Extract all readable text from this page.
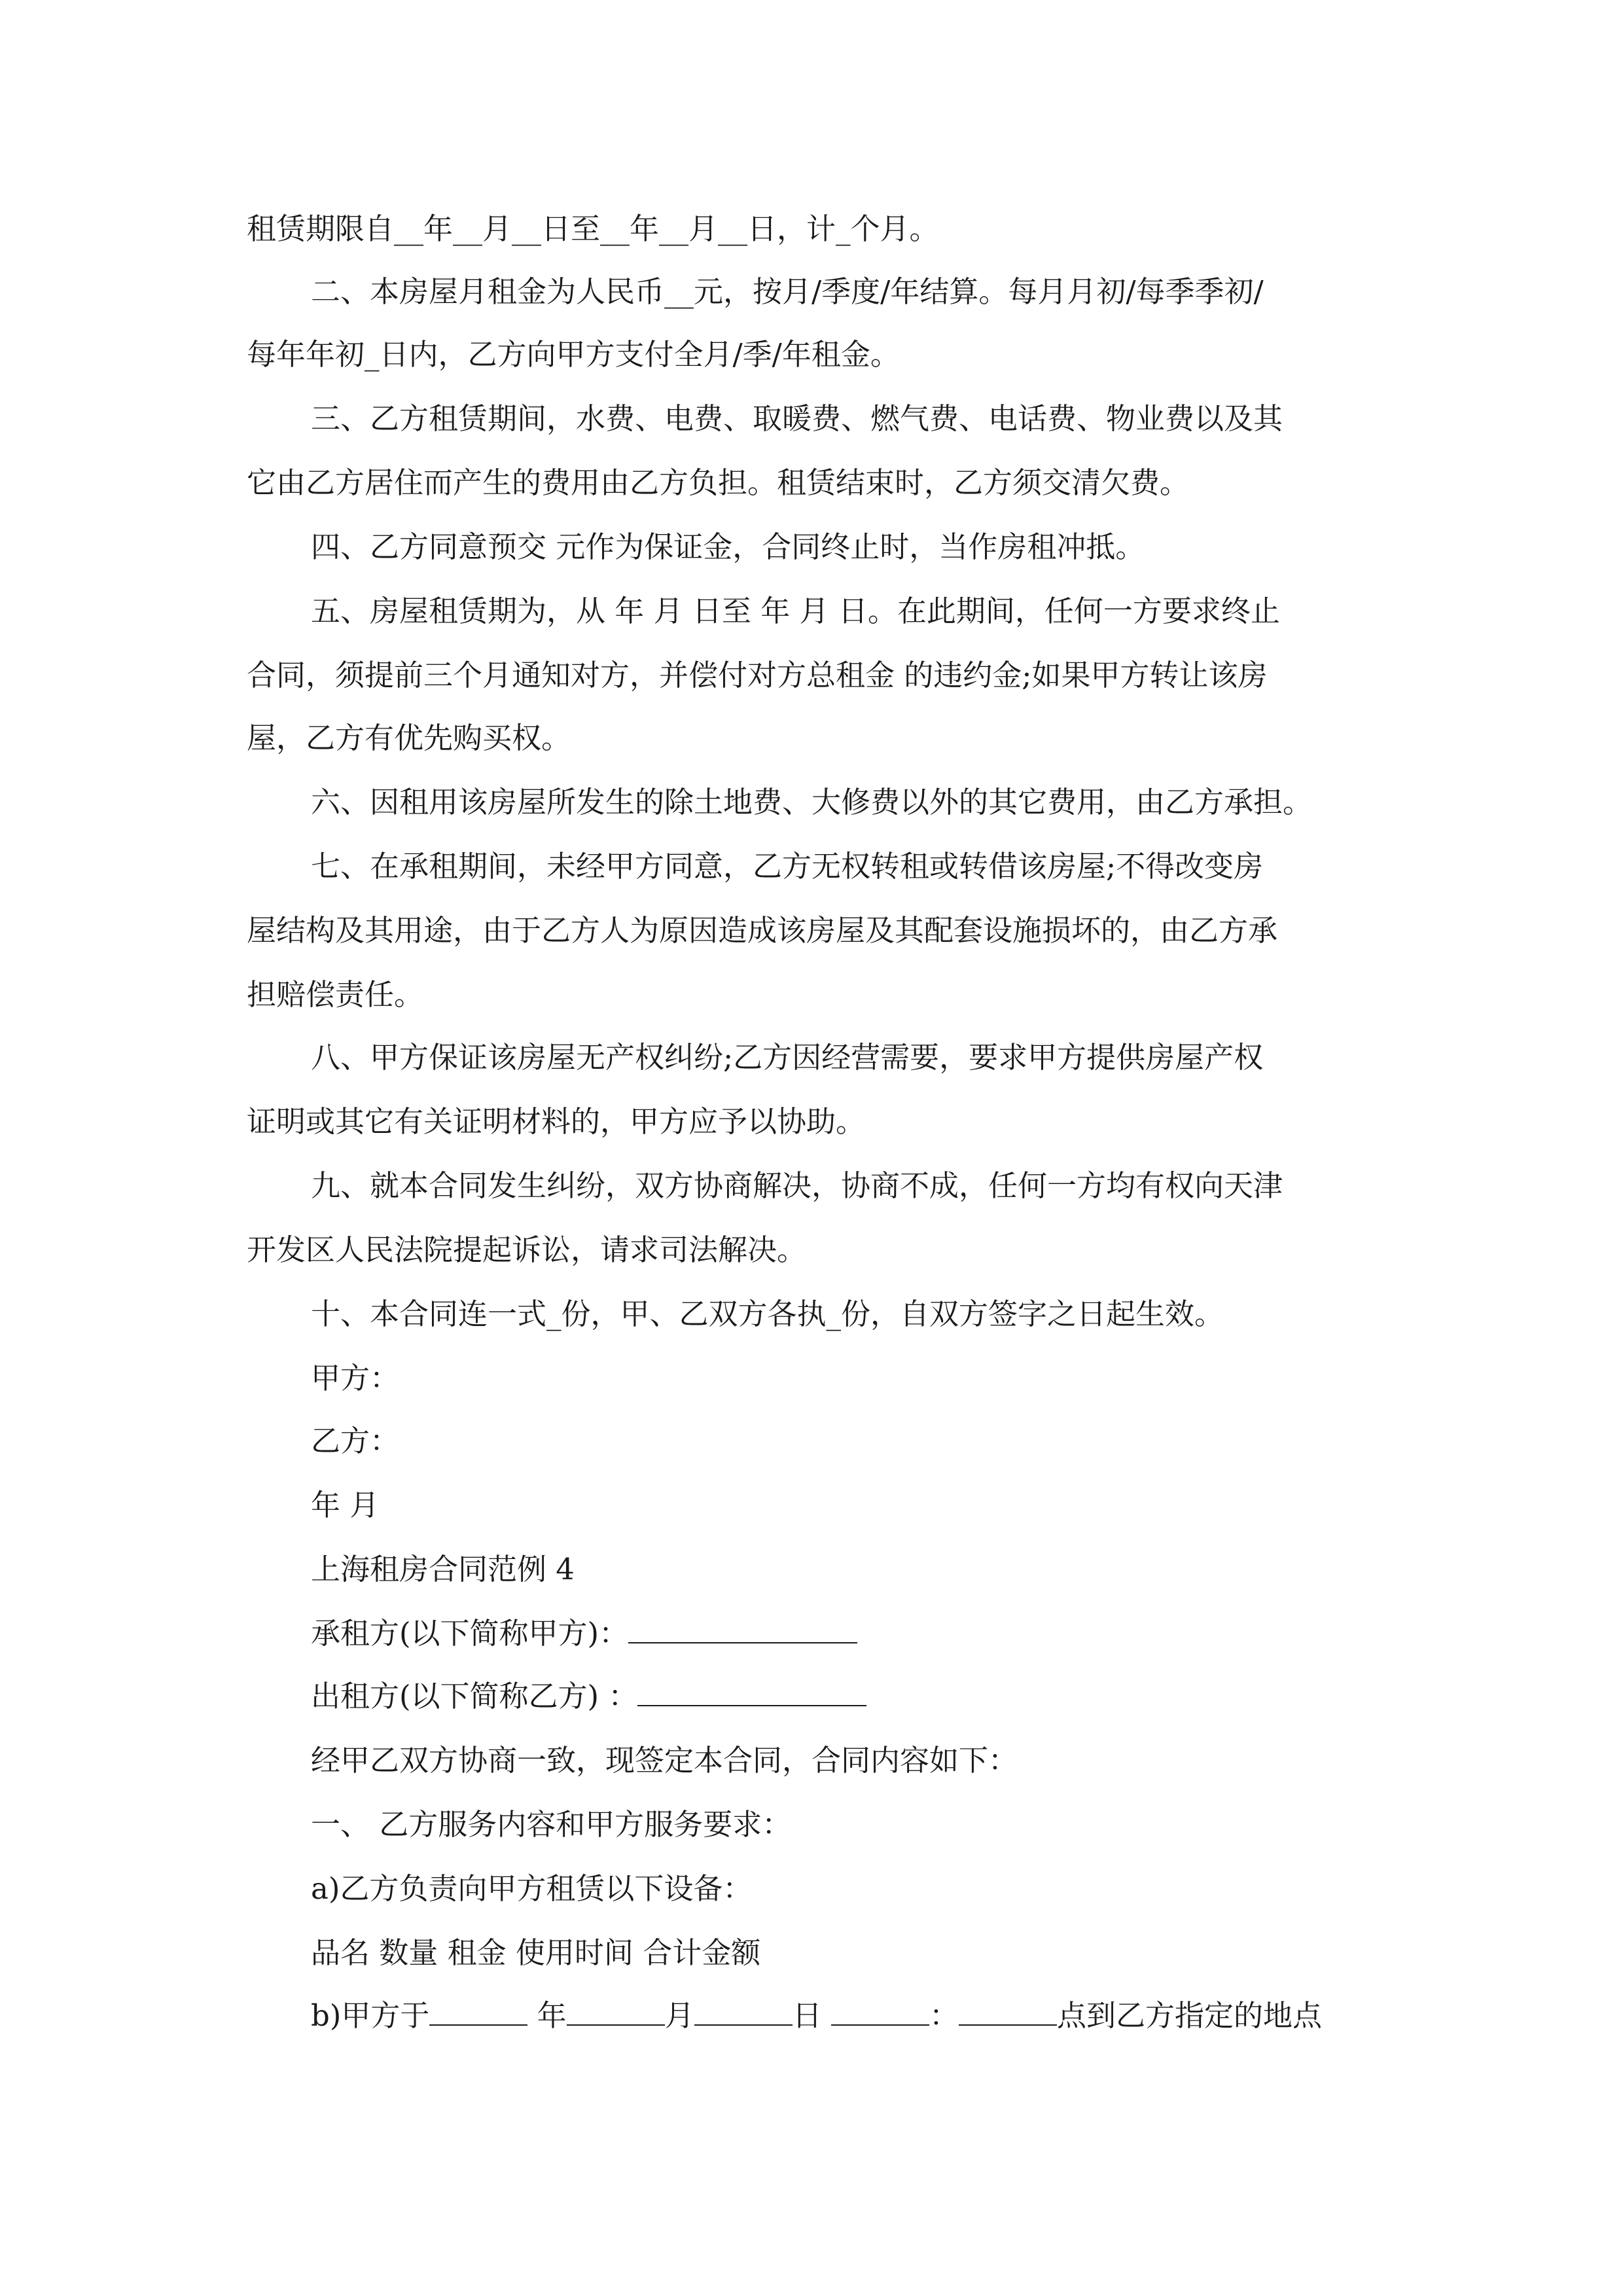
租赁期限自__年__月__日至__年__月__日，计_个月。
二、本房屋月租金为人民币__元，按月/季度/年结算。每月月初/每季季初/
每年年初_日内，乙方向甲方支付全月/季/年租金。
三、乙方租赁期间，水费、电费、取暖费、燃气费、电话费、物业费以及其
它由乙方居住而产生的费用由乙方负担。租赁结束时，乙方须交清欠费。
四、乙方同意预交 元作为保证金，合同终止时，当作房租冲抵。
五、房屋租赁期为，从 年 月 日至 年 月 日。在此期间，任何一方要求终止
合同，须提前三个月通知对方，并偿付对方总租金 的违约金;如果甲方转让该房
屋，乙方有优先购买权。
六、因租用该房屋所发生的除土地费、大修费以外的其它费用，由乙方承担。
七、在承租期间，未经甲方同意，乙方无权转租或转借该房屋;不得改变房
屋结构及其用途，由于乙方人为原因造成该房屋及其配套设施损坏的，由乙方承
担赔偿责任。
八、甲方保证该房屋无产权纠纷;乙方因经营需要，要求甲方提供房屋产权
证明或其它有关证明材料的，甲方应予以协助。
九、就本合同发生纠纷，双方协商解决，协商不成，任何一方均有权向天津
开发区人民法院提起诉讼，请求司法解决。
十、本合同连一式_份，甲、乙双方各执_份，自双方签字之日起生效。
甲方：
乙方：
年 月
上海租房合同范例 4
承租方(以下简称甲方)：
出租方(以下简称乙方) ：
经甲乙双方协商一致，现签定本合同，合同内容如下：
一、 乙方服务内容和甲方服务要求：
a)乙方负责向甲方租赁以下设备：
品名 数量 租金 使用时间 合计金额
b)甲方于	年	月	日	：	点到乙方指定的地点
